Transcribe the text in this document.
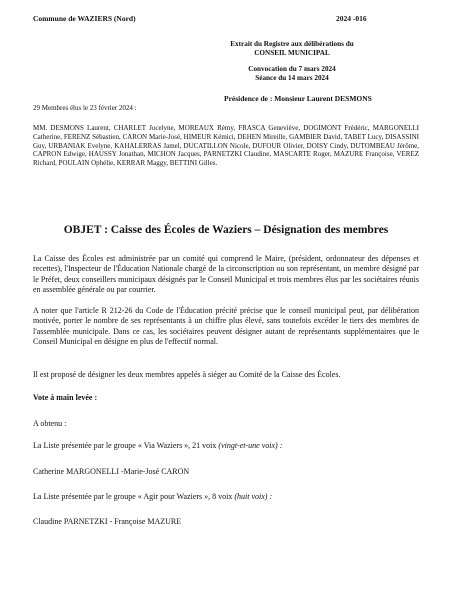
Commune de WAZIERS (Nord)	2024 -016
Extrait du Registre aux délibérations du
CONSEIL MUNICIPAL
Convocation du 7 mars 2024
Séance du 14 mars 2024
Présidence de : Monsieur Laurent DESMONS
29 Membres élus le 23 février 2024 :
MM. DESMONS Laurent, CHARLET Jocelyne, MOREAUX Rémy, FRASCA Geneviève, DOGIMONT Frédéric, MARGONELLI Catherine, FERENZ Sébastien, CARON Marie-José, HIMEUR Kémici, DEHEN Mireille, GAMBIER David, TABET Lucy, DISASSINI Guy, URBANIAK Evelyne, KAHALERRAS Jamel, DUCATILLON Nicole, DUFOUR Olivier, DOISY Cindy, DUTOMBEAU Jérôme, CAPRON Edwige, HAUSSY Jonathan, MICHON Jacques, PARNETZKI Claudine, MASCARTE Roger, MAZURE Françoise, VEREZ Richard, POULAIN Ophélie, KERRAR Maggy, BETTINI Gilles.
OBJET : Caisse des Écoles de Waziers – Désignation des membres
La Caisse des Écoles est administrée par un comité qui comprend le Maire, (président, ordonnateur des dépenses et recettes), l'Inspecteur de l'Éducation Nationale chargé de la circonscription ou son représentant, un membre désigné par le Préfet, deux conseillers municipaux désignés par le Conseil Municipal et trois membres élus par les sociétaires réunis en assemblée générale ou par courrier.
A noter que l'article R 212-26 du Code de l'Éducation précité précise que le conseil municipal peut, par délibération motivée, porter le nombre de ses représentants à un chiffre plus élevé, sans toutefois excéder le tiers des membres de l'assemblée municipale. Dans ce cas, les sociétaires peuvent désigner autant de représentants supplémentaires que le Conseil Municipal en désigne en plus de l'effectif normal.
Il est proposé de désigner les deux membres appelés à siéger au Comité de la Caisse des Écoles.
Vote à main levée :
A obtenu :
La Liste présentée par le groupe « Via Waziers », 21 voix (vingt-et-une voix) :
Catherine MARGONELLI -Marie-José CARON
La Liste présentée par le groupe « Agir pour Waziers », 8 voix (huit voix) :
Claudine PARNETZKI - Françoise MAZURE
